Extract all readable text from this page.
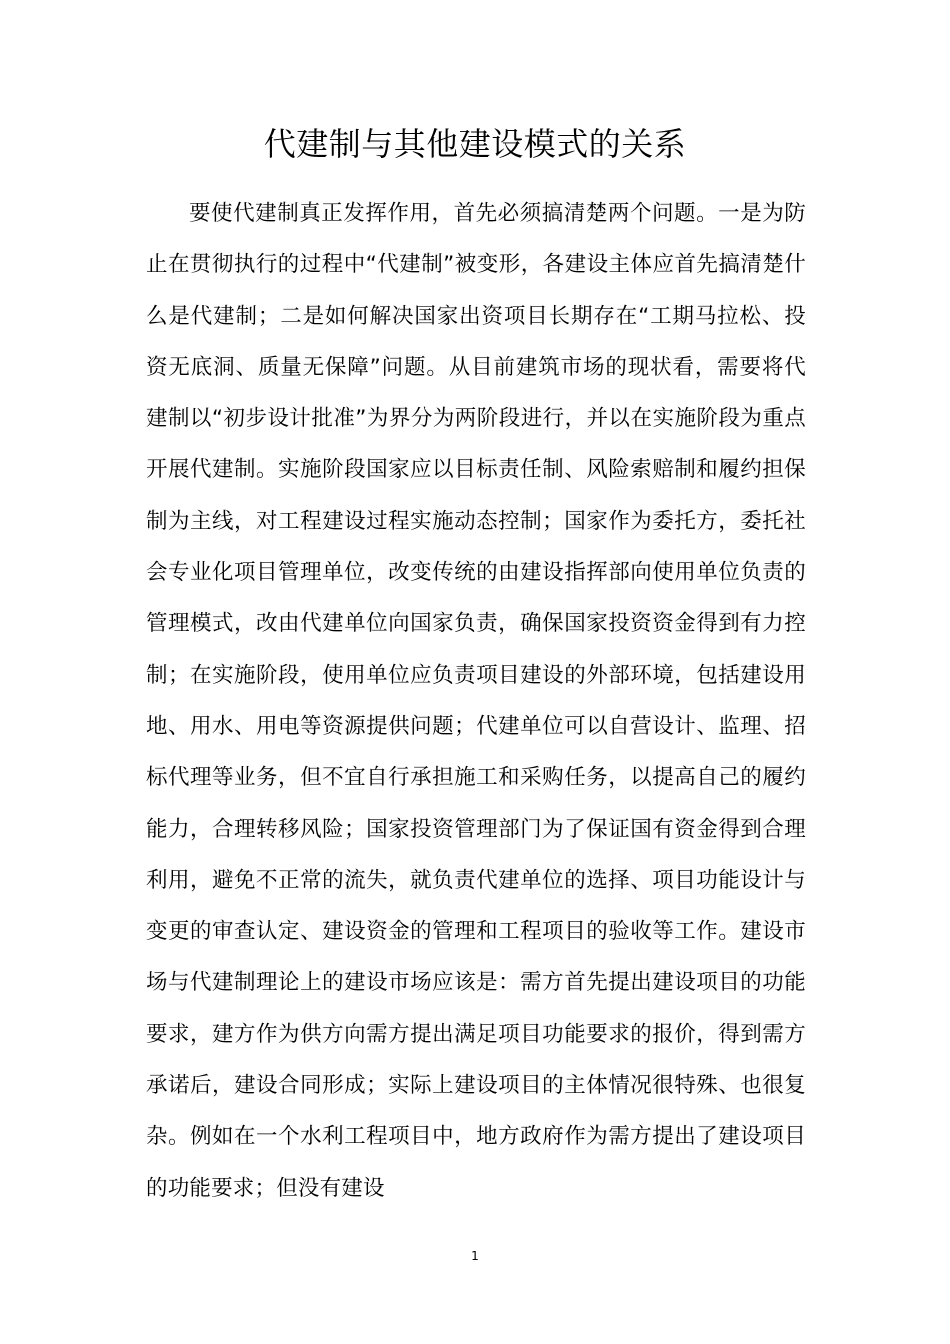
代建制与其他建设模式的关系

要使代建制真正发挥作用，首先必须搞清楚两个问题。一是为防止在贯彻执行的过程中“代建制”被变形，各建设主体应首先搞清楚什么是代建制；二是如何解决国家出资项目长期存在“工期马拉松、投资无底洞、质量无保障”问题。从目前建筑市场的现状看，需要将代建制以“初步设计批准”为界分为两阶段进行，并以在实施阶段为重点开展代建制。实施阶段国家应以目标责任制、风险索赔制和履约担保制为主线，对工程建设过程实施动态控制；国家作为委托方，委托社会专业化项目管理单位，改变传统的由建设指挥部向使用单位负责的管理模式，改由代建单位向国家负责，确保国家投资资金得到有力控制；在实施阶段，使用单位应负责项目建设的外部环境，包括建设用地、用水、用电等资源提供问题；代建单位可以自营设计、监理、招标代理等业务，但不宜自行承担施工和采购任务，以提高自己的履约能力，合理转移风险；国家投资管理部门为了保证国有资金得到合理利用，避免不正常的流失，就负责代建单位的选择、项目功能设计与变更的审查认定、建设资金的管理和工程项目的验收等工作。建设市场与代建制理论上的建设市场应该是：需方首先提出建设项目的功能要求，建方作为供方向需方提出满足项目功能要求的报价，得到需方承诺后，建设合同形成；实际上建设项目的主体情况很特殊、也很复杂。例如在一个水利工程项目中，地方政府作为需方提出了建设项目的功能要求；但没有建设

1
